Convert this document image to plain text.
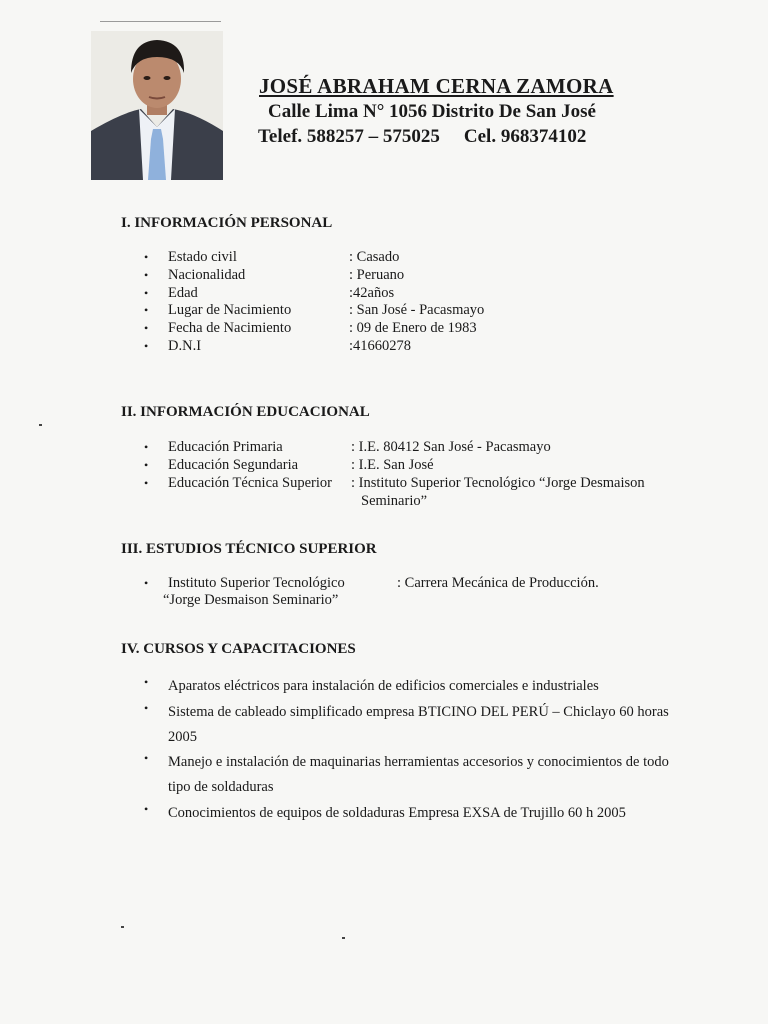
JOSÉ ABRAHAM CERNA ZAMORA
Calle Lima N° 1056 Distrito De San José
Telef. 588257 – 575025 Cel. 968374102
I. INFORMACIÓN PERSONAL
• Estado civil	: Casado
• Nacionalidad	: Peruano
• Edad	:42años
• Lugar de Nacimiento	: San José - Pacasmayo
• Fecha de Nacimiento	: 09 de Enero de 1983
• D.N.I	:41660278
II. INFORMACIÓN EDUCACIONAL
• Educación Primaria	: I.E. 80412 San José - Pacasmayo
• Educación Segundaria	: I.E. San José
• Educación Técnica Superior : Instituto Superior Tecnológico “Jorge Desmaison
Seminario”
III. ESTUDIOS TÉCNICO SUPERIOR
• Instituto Superior Tecnológico	: Carrera Mecánica de Producción.
“Jorge Desmaison Seminario”
IV. CURSOS Y CAPACITACIONES
• Aparatos eléctricos para instalación de edificios comerciales e industriales
• Sistema de cableado simplificado empresa BTICINO DEL PERÚ – Chiclayo 60 horas 2005
• Manejo e instalación de maquinarias herramientas accesorios y conocimientos de todo tipo de soldaduras
• Conocimientos de equipos de soldaduras Empresa EXSA de Trujillo 60 h 2005
